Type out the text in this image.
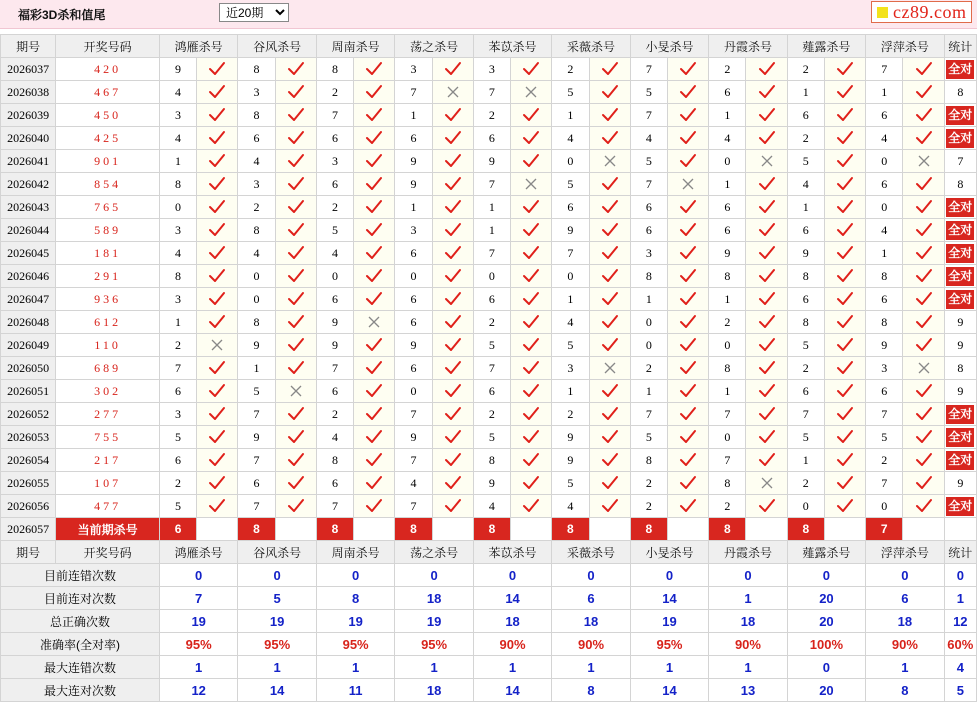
福彩3D杀和值尾
近20期	cz89.com
期号	开奖号码	鸿雁杀号		谷风杀号		周南杀号		荡之杀号		苯苡杀号		采薇杀号		小旻杀号		丹霞杀号		薤露杀号		浮萍杀号		统计
2026037	420	9		8		8		3		3		2		7		2		2		7		全对
2026038	467	4		3		2		7		7		5		5		6		1		1		8
2026039	450	3		8		7		1		2		1		7		1		6		6		全对
2026040	425	4		6		6		6		6		4		4		4		2		4		全对
2026041	901	1		4		3		9		9		0		5		0		5		0		7
2026042	854	8		3		6		9		7		5		7		1		4		6		8
2026043	765	0		2		2		1		1		6		6		6		1		0		全对
2026044	589	3		8		5		3		1		9		6		6		6		4		全对
2026045	181	4		4		4		6		7		7		3		9		9		1		全对
2026046	291	8		0		0		0		0		0		8		8		8		8		全对
2026047	936	3		0		6		6		6		1		1		1		6		6		全对
2026048	612	1		8		9		6		2		4		0		2		8		8		9
2026049	110	2		9		9		9		5		5		0		0		5		9		9
2026050	689	7		1		7		6		7		3		2		8		2		3		8
2026051	302	6		5		6		0		6		1		1		1		6		6		9
2026052	277	3		7		2		7		2		2		7		7		7		7		全对
2026053	755	5		9		4		9		5		9		5		0		5		5		全对
2026054	217	6		7		8		7		8		9		8		7		1		2		全对
2026055	107	2		6		6		4		9		5		2		8		2		7		9
2026056	477	5		7		7		7		4		4		2		2		0		0		全对
2026057	当前期杀号	6		8		8		8		8		8		8		8		8		7		
期号	开奖号码	鸿雁杀号		谷风杀号		周南杀号		荡之杀号		苯苡杀号		采薇杀号		小旻杀号		丹霞杀号		薤露杀号		浮萍杀号		统计
目前连错次数		0		0		0		0		0		0		0		0		0		0		0
目前连对次数		7		5		8		18		14		6		14		1		20		6		1
总正确次数		19		19		19		19		18		18		19		18		20		18		12
准确率(全对率)		95%		95%		95%		95%		90%		90%		95%		90%		100%		90%		60%
最大连错次数		1		1		1		1		1		1		1		1		0		1		4
最大连对次数		12		14		11		18		14		8		14		13		20		8		5
